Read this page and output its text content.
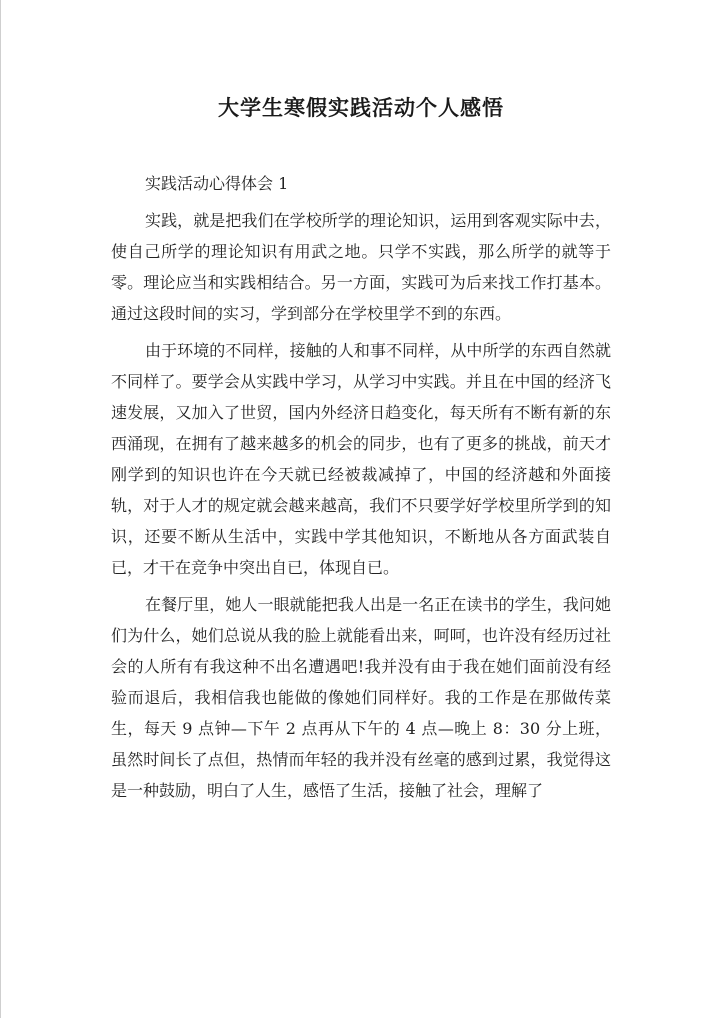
大学生寒假实践活动个人感悟
实践活动心得体会 1

实践，就是把我们在学校所学的理论知识，运用到客观实际中去，使自己所学的理论知识有用武之地。只学不实践，那么所学的就等于零。理论应当和实践相结合。另一方面，实践可为后来找工作打基本。通过这段时间的实习，学到部分在学校里学不到的东西。

由于环境的不同样，接触的人和事不同样，从中所学的东西自然就不同样了。要学会从实践中学习，从学习中实践。并且在中国的经济飞速发展，又加入了世贸，国内外经济日趋变化，每天所有不断有新的东西涌现，在拥有了越来越多的机会的同步，也有了更多的挑战，前天才刚学到的知识也许在今天就已经被裁减掉了，中国的经济越和外面接轨，对于人才的规定就会越来越高，我们不只要学好学校里所学到的知识，还要不断从生活中，实践中学其他知识，不断地从各方面武装自已，才干在竞争中突出自已，体现自已。

在餐厅里，她人一眼就能把我人出是一名正在读书的学生，我问她们为什么，她们总说从我的脸上就能看出来，呵呵，也许没有经历过社会的人所有有我这种不出名遭遇吧!我并没有由于我在她们面前没有经验而退后，我相信我也能做的像她们同样好。我的工作是在那做传菜生，每天 9 点钟—下午 2 点再从下午的 4 点—晚上 8：30 分上班，虽然时间长了点但，热情而年轻的我并没有丝毫的感到过累，我觉得这是一种鼓励，明白了人生，感悟了生活，接触了社会，理解了
